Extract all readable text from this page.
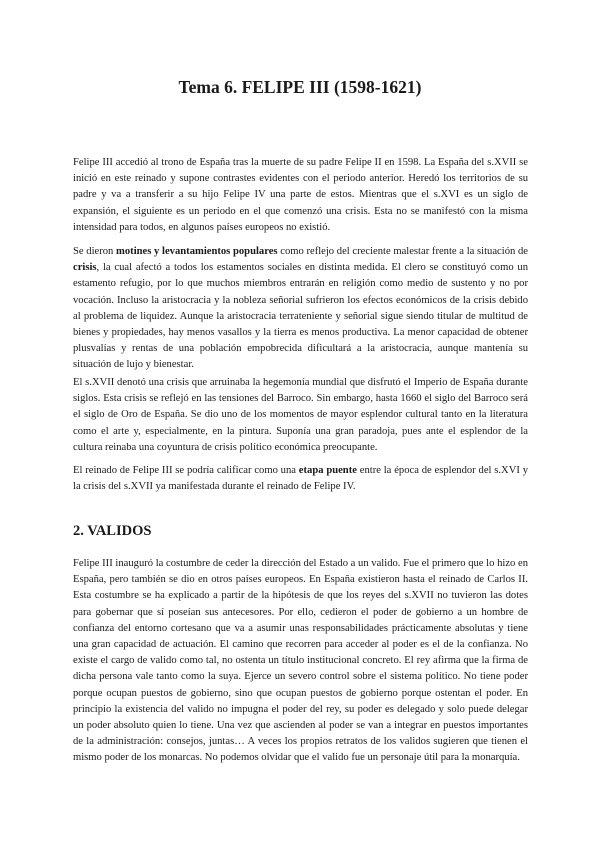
Tema 6. FELIPE III (1598-1621)

Felipe III accedió al trono de España tras la muerte de su padre Felipe II en 1598. La España del s.XVII se inició en este reinado y supone contrastes evidentes con el periodo anterior. Heredó los territorios de su padre y va a transferir a su hijo Felipe IV una parte de estos. Mientras que el s.XVI es un siglo de expansión, el siguiente es un periodo en el que comenzó una crisis. Esta no se manifestó con la misma intensidad para todos, en algunos países europeos no existió.

Se dieron motines y levantamientos populares como reflejo del creciente malestar frente a la situación de crisis, la cual afectó a todos los estamentos sociales en distinta medida. El clero se constituyó como un estamento refugio, por lo que muchos miembros entrarán en religión como medio de sustento y no por vocación. Incluso la aristocracia y la nobleza señorial sufrieron los efectos económicos de la crisis debido al problema de liquidez. Aunque la aristocracia terrateniente y señorial sigue siendo titular de multitud de bienes y propiedades, hay menos vasallos y la tierra es menos productiva. La menor capacidad de obtener plusvalías y rentas de una población empobrecida dificultará a la aristocracia, aunque mantenía su situación de lujo y bienestar.

El s.XVII denotó una crisis que arruinaba la hegemonía mundial que disfrutó el Imperio de España durante siglos. Esta crisis se reflejó en las tensiones del Barroco. Sin embargo, hasta 1660 el siglo del Barroco será el siglo de Oro de España. Se dio uno de los momentos de mayor esplendor cultural tanto en la literatura como el arte y, especialmente, en la pintura. Suponía una gran paradoja, pues ante el esplendor de la cultura reinaba una coyuntura de crisis político económica preocupante.

El reinado de Felipe III se podría calificar como una etapa puente entre la época de esplendor del s.XVI y la crisis del s.XVII ya manifestada durante el reinado de Felipe IV.

2. VALIDOS

Felipe III inauguró la costumbre de ceder la dirección del Estado a un valido. Fue el primero que lo hizo en España, pero también se dio en otros países europeos. En España existieron hasta el reinado de Carlos II. Esta costumbre se ha explicado a partir de la hipótesis de que los reyes del s.XVII no tuvieron las dotes para gobernar que sí poseían sus antecesores. Por ello, cedieron el poder de gobierno a un hombre de confianza del entorno cortesano que va a asumir unas responsabilidades prácticamente absolutas y tiene una gran capacidad de actuación. El camino que recorren para acceder al poder es el de la confianza. No existe el cargo de valido como tal, no ostenta un título institucional concreto. El rey afirma que la firma de dicha persona vale tanto como la suya. Ejerce un severo control sobre el sistema político. No tiene poder porque ocupan puestos de gobierno, sino que ocupan puestos de gobierno porque ostentan el poder. En principio la existencia del valido no impugna el poder del rey, su poder es delegado y solo puede delegar un poder absoluto quien lo tiene. Una vez que ascienden al poder se van a integrar en puestos importantes de la administración: consejos, juntas… A veces los propios retratos de los validos sugieren que tienen el mismo poder de los monarcas. No podemos olvidar que el valido fue un personaje útil para la monarquía.
